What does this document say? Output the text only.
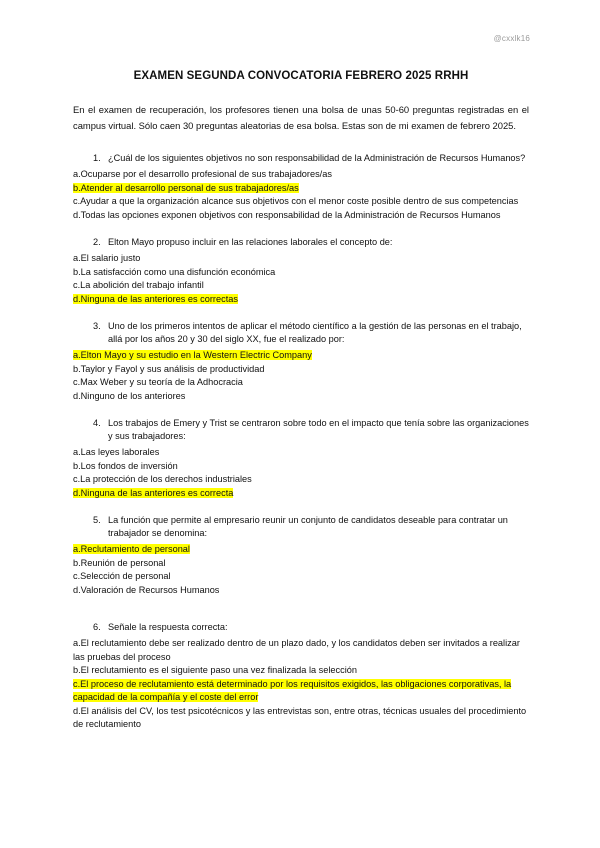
@cxxlk16
EXAMEN SEGUNDA CONVOCATORIA FEBRERO 2025 RRHH
En el examen de recuperación, los profesores tienen una bolsa de unas 50-60 preguntas registradas en el campus virtual. Sólo caen 30 preguntas aleatorias de esa bolsa. Estas son de mi examen de febrero 2025.
1. ¿Cuál de los siguientes objetivos no son responsabilidad de la Administración de Recursos Humanos?
a.Ocuparse por el desarrollo profesional de sus trabajadores/as
b.Atender al desarrollo personal de sus trabajadores/as
c.Ayudar a que la organización alcance sus objetivos con el menor coste posible dentro de sus competencias
d.Todas las opciones exponen objetivos con responsabilidad de la Administración de Recursos Humanos
2. Elton Mayo propuso incluir en las relaciones laborales el concepto de:
a.El salario justo
b.La satisfacción como una disfunción económica
c.La abolición del trabajo infantil
d.Ninguna de las anteriores es correctas
3. Uno de los primeros intentos de aplicar el método científico a la gestión de las personas en el trabajo, allá por los años 20 y 30 del siglo XX, fue el realizado por:
a.Elton Mayo y su estudio en la Western Electric Company
b.Taylor y Fayol y sus análisis de productividad
c.Max Weber y su teoría de la Adhocracia
d.Ninguno de los anteriores
4. Los trabajos de Emery y Trist se centraron sobre todo en el impacto que tenía sobre las organizaciones y sus trabajadores:
a.Las leyes laborales
b.Los fondos de inversión
c.La protección de los derechos industriales
d.Ninguna de las anteriores es correcta
5. La función que permite al empresario reunir un conjunto de candidatos deseable para contratar un trabajador se denomina:
a.Reclutamiento de personal
b.Reunión de personal
c.Selección de personal
d.Valoración de Recursos Humanos
6. Señale la respuesta correcta:
a.El reclutamiento debe ser realizado dentro de un plazo dado, y los candidatos deben ser invitados a realizar las pruebas del proceso
b.El reclutamiento es el siguiente paso una vez finalizada la selección
c.El proceso de reclutamiento está determinado por los requisitos exigidos, las obligaciones corporativas, la capacidad de la compañía y el coste del error
d.El análisis del CV, los test psicotécnicos y las entrevistas son, entre otras, técnicas usuales del procedimiento de reclutamiento
